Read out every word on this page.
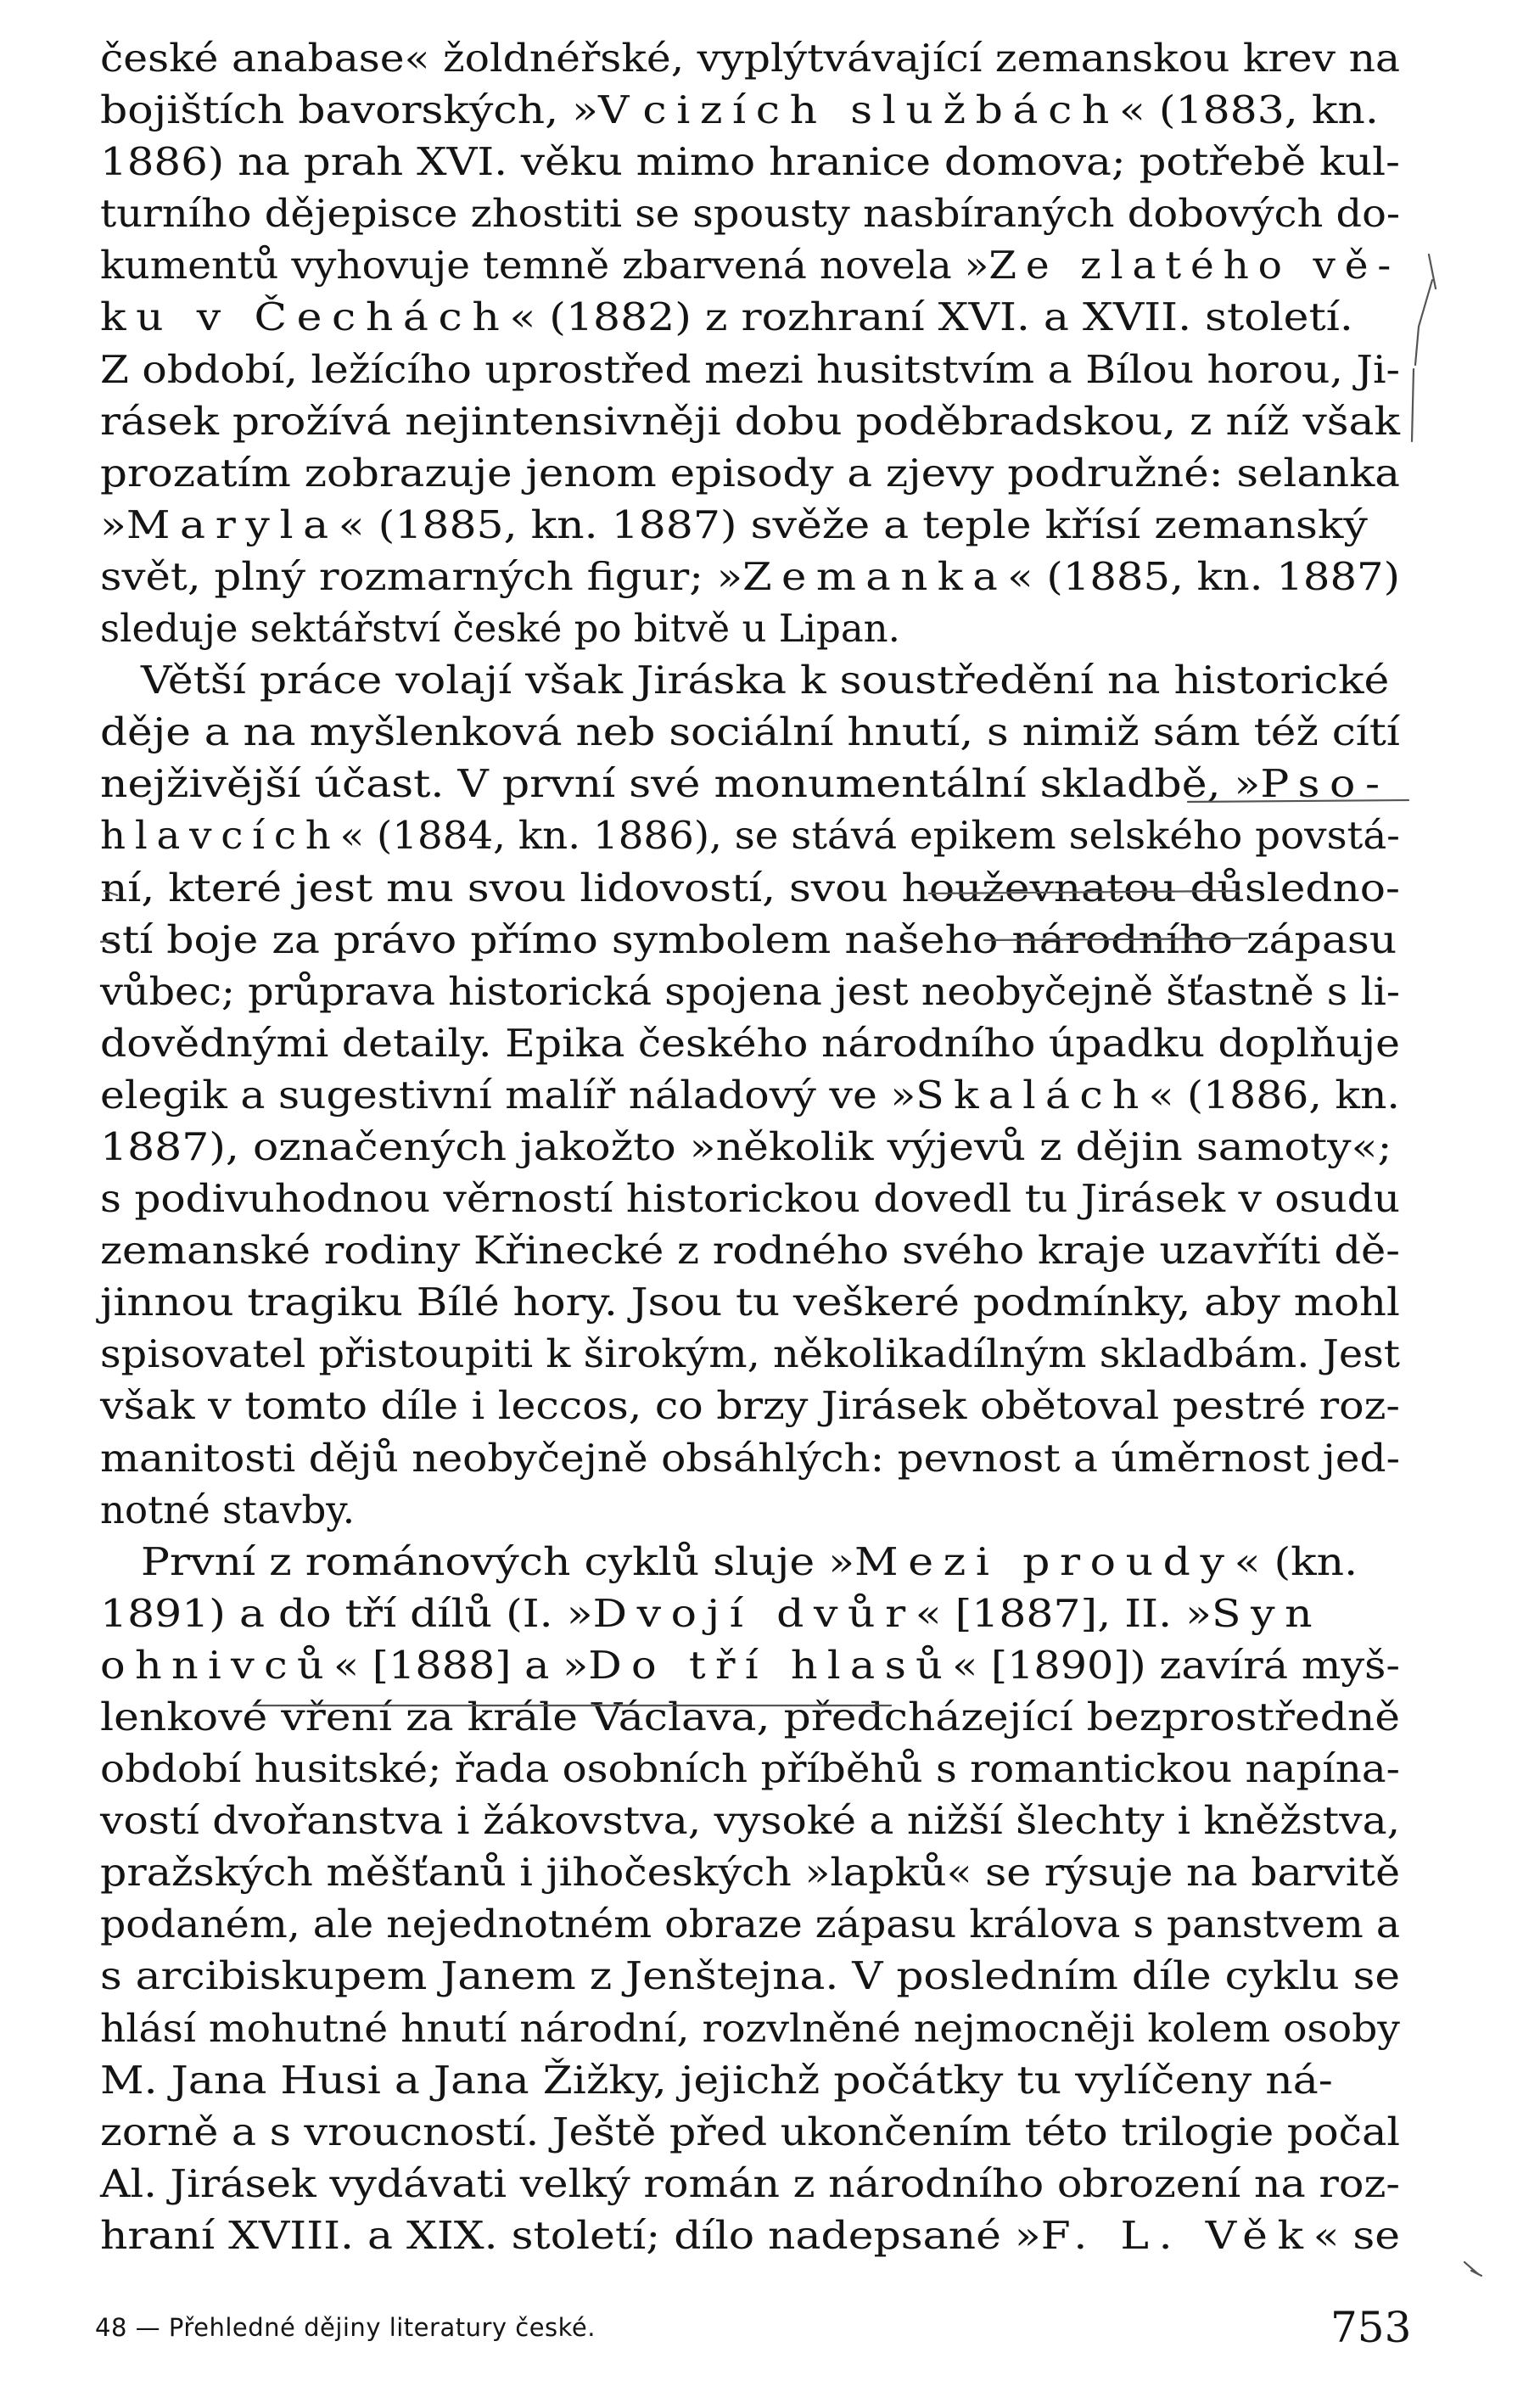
české anabase« žoldnéřské, vyplýtvávající zemanskou krev na
bojištích bavorských, »V cizích službách« (1883, kn.
1886) na prah XVI. věku mimo hranice domova; potřebě kul-
turního dějepisce zhostiti se spousty nasbíraných dobových do-
kumentů vyhovuje temně zbarvená novela »Ze zlatého vě-
ku v Čechách« (1882) z rozhraní XVI. a XVII. století.
Z období, ležícího uprostřed mezi husitstvím a Bílou horou, Ji-
rásek prožívá nejintensivněji dobu poděbradskou, z níž však
prozatím zobrazuje jenom episody a zjevy podružné: selanka
»Maryla« (1885, kn. 1887) svěže a teple křísí zemanský
svět, plný rozmarných figur; »Zemanka« (1885, kn. 1887)
sleduje sektářství české po bitvě u Lipan.
Větší práce volají však Jiráska k soustředění na historické
děje a na myšlenková neb sociální hnutí, s nimiž sám též cítí
nejživější účast. V první své monumentální skladbě, »Pso-
hlavcích« (1884, kn. 1886), se stává epikem selského povstá-
ní, které jest mu svou lidovostí, svou houževnatou důsledno-
stí boje za právo přímo symbolem našeho národního zápasu
vůbec; průprava historická spojena jest neobyčejně šťastně s li-
dovědnými detaily. Epika českého národního úpadku doplňuje
elegik a sugestivní malíř náladový ve »Skalách« (1886, kn.
1887), označených jakožto »několik výjevů z dějin samoty«;
s podivuhodnou věrností historickou dovedl tu Jirásek v osudu
zemanské rodiny Křinecké z rodného svého kraje uzavříti dě-
jinnou tragiku Bílé hory. Jsou tu veškeré podmínky, aby mohl
spisovatel přistoupiti k širokým, několikadílným skladbám. Jest
však v tomto díle i leccos, co brzy Jirásek obětoval pestré roz-
manitosti dějů neobyčejně obsáhlých: pevnost a úměrnost jed-
notné stavby.
První z románových cyklů sluje »Mezi proudy« (kn.
1891) a do tří dílů (I. »Dvojí dvůr« [1887], II. »Syn
ohnivců« [1888] a »Do tří hlasů« [1890]) zavírá myš-
lenkové vření za krále Václava, předcházející bezprostředně
období husitské; řada osobních příběhů s romantickou napína-
vostí dvořanstva i žákovstva, vysoké a nižší šlechty i kněžstva,
pražských měšťanů i jihočeských »lapků« se rýsuje na barvitě
podaném, ale nejednotném obraze zápasu králova s panstvem a
s arcibiskupem Janem z Jenštejna. V posledním díle cyklu se
hlásí mohutné hnutí národní, rozvlněné nejmocněji kolem osoby
M. Jana Husi a Jana Žižky, jejichž počátky tu vylíčeny ná-
zorně a s vroucností. Ještě před ukončením této trilogie počal
Al. Jirásek vydávati velký román z národního obrození na roz-
hraní XVIII. a XIX. století; dílo nadepsané »F. L. Věk« se
48 — Přehledné dějiny literatury české.	753
